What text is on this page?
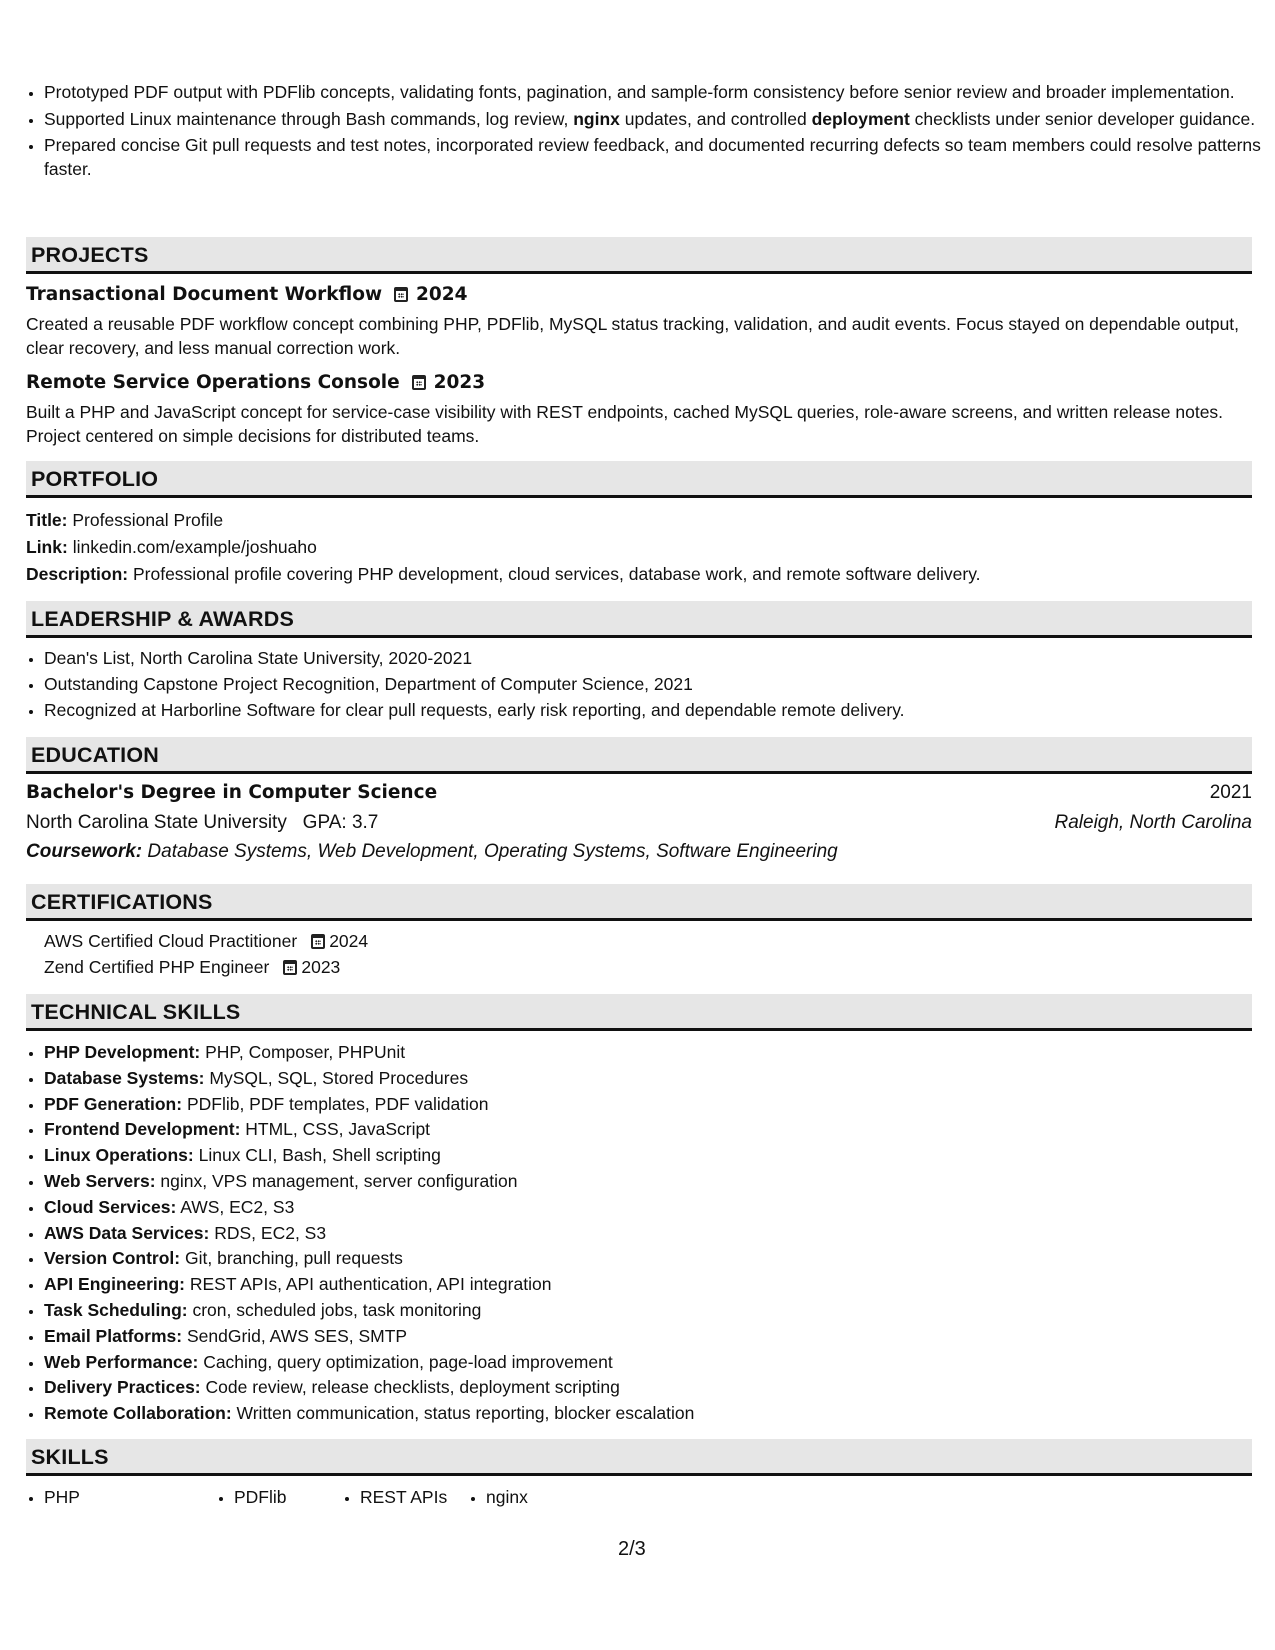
• Prototyped PDF output with PDFlib concepts, validating fonts, pagination, and sample-form consistency before senior review and broader implementation.
• Supported Linux maintenance through Bash commands, log review, nginx updates, and controlled deployment checklists under senior developer guidance.
• Prepared concise Git pull requests and test notes, incorporated review feedback, and documented recurring defects so team members could resolve patterns faster.
PROJECTS
Transactional Document Workflow 2024
Created a reusable PDF workflow concept combining PHP, PDFlib, MySQL status tracking, validation, and audit events. Focus stayed on dependable output, clear recovery, and less manual correction work.
Remote Service Operations Console 2023
Built a PHP and JavaScript concept for service-case visibility with REST endpoints, cached MySQL queries, role-aware screens, and written release notes. Project centered on simple decisions for distributed teams.
PORTFOLIO
Title: Professional Profile
Link: linkedin.com/example/joshuaho
Description: Professional profile covering PHP development, cloud services, database work, and remote software delivery.
LEADERSHIP & AWARDS
• Dean's List, North Carolina State University, 2020-2021
• Outstanding Capstone Project Recognition, Department of Computer Science, 2021
• Recognized at Harborline Software for clear pull requests, early risk reporting, and dependable remote delivery.
EDUCATION
Bachelor's Degree in Computer Science	2021
North Carolina State University GPA: 3.7	Raleigh, North Carolina
Coursework: Database Systems, Web Development, Operating Systems, Software Engineering
CERTIFICATIONS
AWS Certified Cloud Practitioner 2024
Zend Certified PHP Engineer 2023
TECHNICAL SKILLS
• PHP Development: PHP, Composer, PHPUnit
• Database Systems: MySQL, SQL, Stored Procedures
• PDF Generation: PDFlib, PDF templates, PDF validation
• Frontend Development: HTML, CSS, JavaScript
• Linux Operations: Linux CLI, Bash, Shell scripting
• Web Servers: nginx, VPS management, server configuration
• Cloud Services: AWS, EC2, S3
• AWS Data Services: RDS, EC2, S3
• Version Control: Git, branching, pull requests
• API Engineering: REST APIs, API authentication, API integration
• Task Scheduling: cron, scheduled jobs, task monitoring
• Email Platforms: SendGrid, AWS SES, SMTP
• Web Performance: Caching, query optimization, page-load improvement
• Delivery Practices: Code review, release checklists, deployment scripting
• Remote Collaboration: Written communication, status reporting, blocker escalation
SKILLS
• PHP	• PDFlib	• REST APIs	• nginx
2/3
